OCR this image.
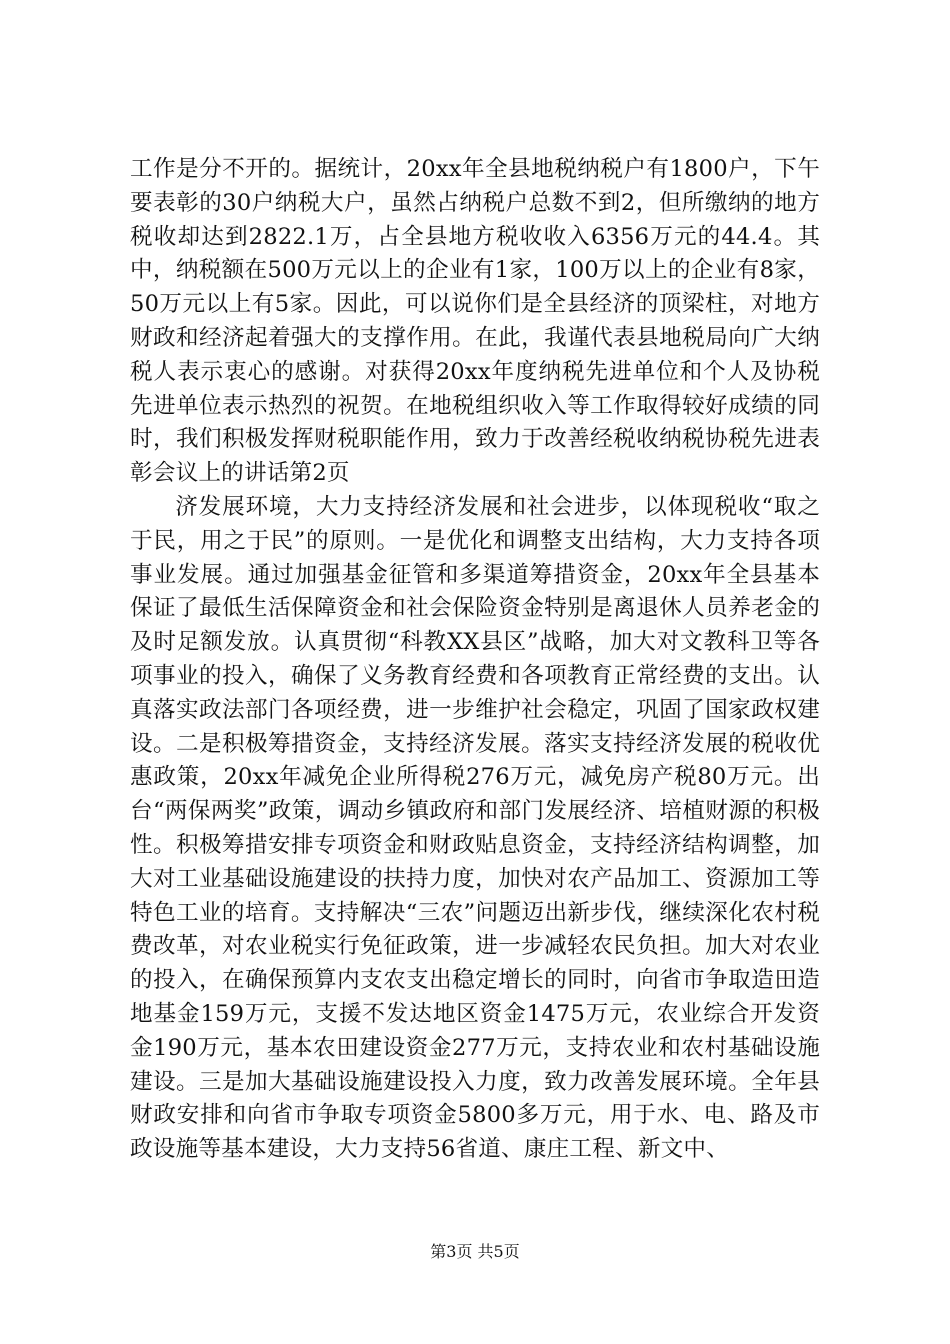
工作是分不开的。据统计，20xx年全县地税纳税户有1800户，下午要表彰的30户纳税大户，虽然占纳税户总数不到2，但所缴纳的地方税收却达到2822.1万，占全县地方税收收入6356万元的44.4。其中，纳税额在500万元以上的企业有1家，100万以上的企业有8家，50万元以上有5家。因此，可以说你们是全县经济的顶梁柱，对地方财政和经济起着强大的支撑作用。在此，我谨代表县地税局向广大纳税人表示衷心的感谢。对获得20xx年度纳税先进单位和个人及协税先进单位表示热烈的祝贺。在地税组织收入等工作取得较好成绩的同时，我们积极发挥财税职能作用，致力于改善经税收纳税协税先进表彰会议上的讲话第2页

济发展环境，大力支持经济发展和社会进步，以体现税收“取之于民，用之于民”的原则。一是优化和调整支出结构，大力支持各项事业发展。通过加强基金征管和多渠道筹措资金，20xx年全县基本保证了最低生活保障资金和社会保险资金特别是离退休人员养老金的及时足额发放。认真贯彻“科教XX县区”战略，加大对文教科卫等各项事业的投入，确保了义务教育经费和各项教育正常经费的支出。认真落实政法部门各项经费，进一步维护社会稳定，巩固了国家政权建设。二是积极筹措资金，支持经济发展。落实支持经济发展的税收优惠政策，20xx年减免企业所得税276万元，减免房产税80万元。出台“两保两奖”政策，调动乡镇政府和部门发展经济、培植财源的积极性。积极筹措安排专项资金和财政贴息资金，支持经济结构调整，加大对工业基础设施建设的扶持力度，加快对农产品加工、资源加工等特色工业的培育。支持解决“三农”问题迈出新步伐，继续深化农村税费改革，对农业税实行免征政策，进一步减轻农民负担。加大对农业的投入，在确保预算内支农支出稳定增长的同时，向省市争取造田造地基金159万元，支援不发达地区资金1475万元，农业综合开发资金190万元，基本农田建设资金277万元，支持农业和农村基础设施建设。三是加大基础设施建设投入力度，致力改善发展环境。全年县财政安排和向省市争取专项资金5800多万元，用于水、电、路及市政设施等基本建设，大力支持56省道、康庄工程、新文中、

第3页 共5页
